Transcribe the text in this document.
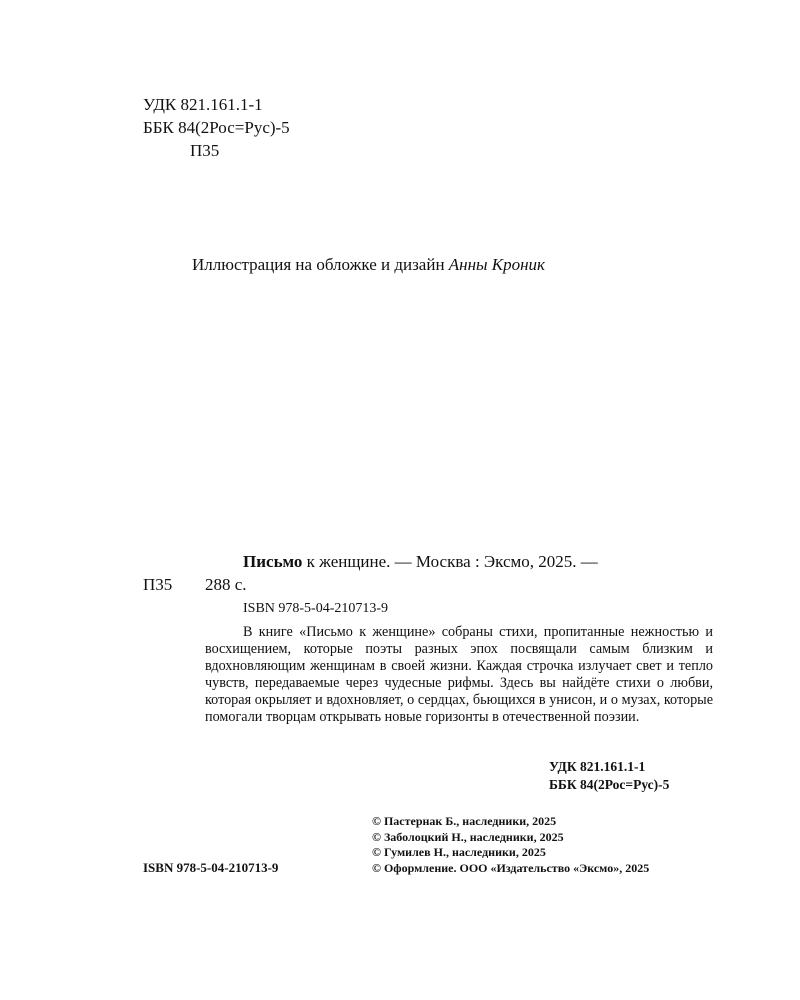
УДК 821.161.1-1
ББК 84(2Рос=Рус)-5
П35
Иллюстрация на обложке и дизайн Анны Кроник
Письмо к женщине. — Москва : Эксмо, 2025. —
П35 288 с.
ISBN 978-5-04-210713-9
В книге «Письмо к женщине» собраны стихи, пропитанные нежностью и восхищением, которые поэты разных эпох посвящали самым близким и вдохновляющим женщинам в своей жизни. Каждая строчка излучает свет и тепло чувств, передаваемые через чудесные рифмы. Здесь вы найдёте стихи о любви, которая окрыляет и вдохновляет, о сердцах, бьющихся в унисон, и о музах, которые помогали творцам открывать новые горизонты в отечественной поэзии.
УДК 821.161.1-1
ББК 84(2Рос=Рус)-5
© Пастернак Б., наследники, 2025
© Заболоцкий Н., наследники, 2025
© Гумилев Н., наследники, 2025
© Оформление. ООО «Издательство «Эксмо», 2025
ISBN 978-5-04-210713-9
